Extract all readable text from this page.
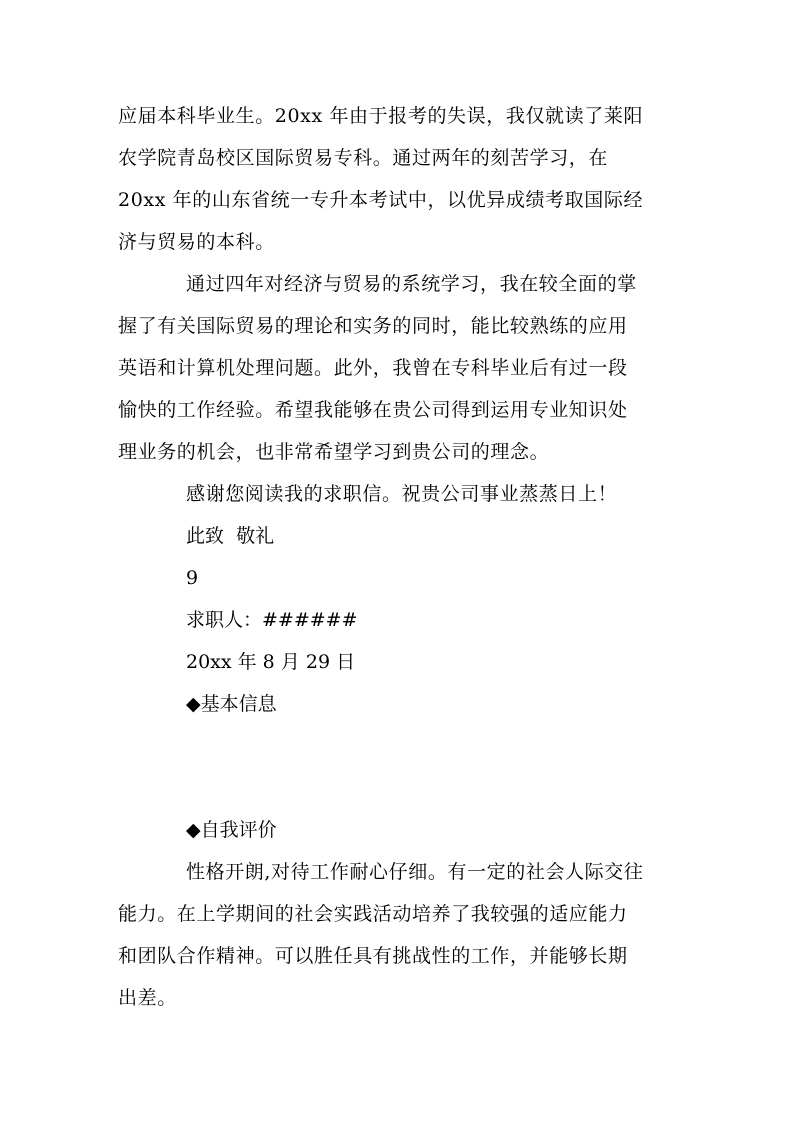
应届本科毕业生。20xx 年由于报考的失误，我仅就读了莱阳
农学院青岛校区国际贸易专科。通过两年的刻苦学习，在
20xx 年的山东省统一专升本考试中，以优异成绩考取国际经
济与贸易的本科。
通过四年对经济与贸易的系统学习，我在较全面的掌
握了有关国际贸易的理论和实务的同时，能比较熟练的应用
英语和计算机处理问题。此外，我曾在专科毕业后有过一段
愉快的工作经验。希望我能够在贵公司得到运用专业知识处
理业务的机会，也非常希望学习到贵公司的理念。
感谢您阅读我的求职信。祝贵公司事业蒸蒸日上！
此致  敬礼
9
求职人：######
20xx 年 8 月 29 日
◆基本信息
◆自我评价
性格开朗,对待工作耐心仔细。有一定的社会人际交往
能力。在上学期间的社会实践活动培养了我较强的适应能力
和团队合作精神。可以胜任具有挑战性的工作，并能够长期
出差。
